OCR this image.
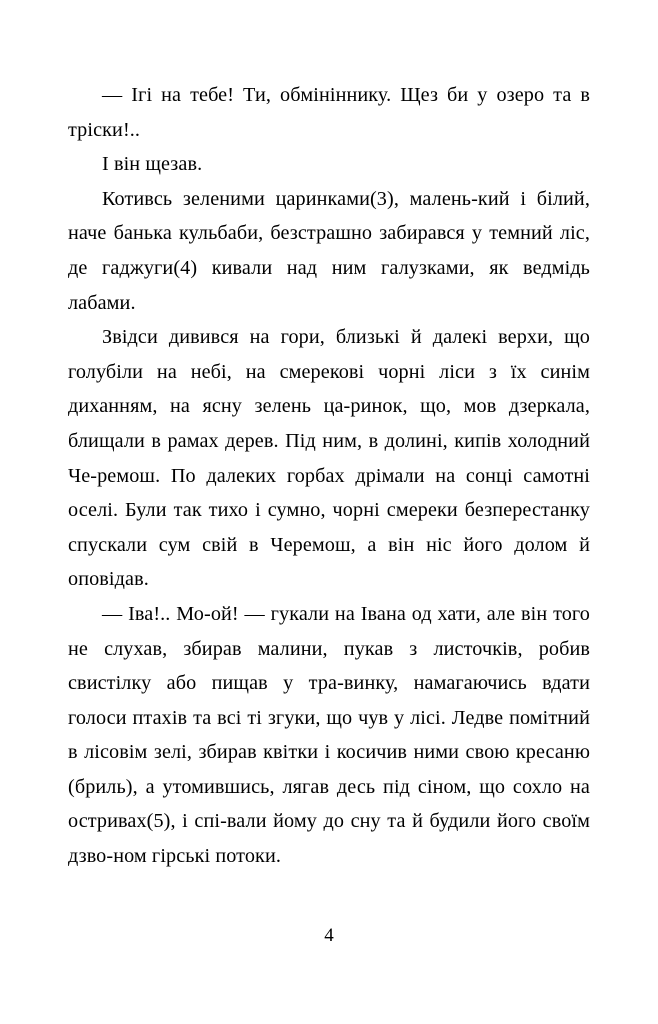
— Ігі на тебе! Ти, обмініннику. Щез би у озеро та в тріски!..

І він щезав.

Котивсь зеленими царинками(3), малень-кий і білий, наче банька кульбаби, безстрашно забирався у темний ліс, де гаджуги(4) кивали над ним галузками, як ведмідь лабами.

Звідси дивився на гори, близькі й далекі верхи, що голубіли на небі, на смерекові чорні ліси з їх синім диханням, на ясну зелень ца-ринок, що, мов дзеркала, блищали в рамах дерев. Під ним, в долині, кипів холодний Че-ремош. По далеких горбах дрімали на сонці самотні оселі. Були так тихо і сумно, чорні смереки безперестанку спускали сум свій в Черемош, а він ніс його долом й оповідав.

— Іва!.. Мо-ой! — гукали на Івана од хати, але він того не слухав, збирав малини, пукав з листочків, робив свистілку або пищав у тра-винку, намагаючись вдати голоси птахів та всі ті згуки, що чув у лісі. Ледве помітний в лісовім зелі, збирав квітки і косичив ними свою кресаню (бриль), а утомившись, лягав десь під сіном, що сохло на остривах(5), і спі-вали йому до сну та й будили його своїм дзво-ном гірські потоки.

4
